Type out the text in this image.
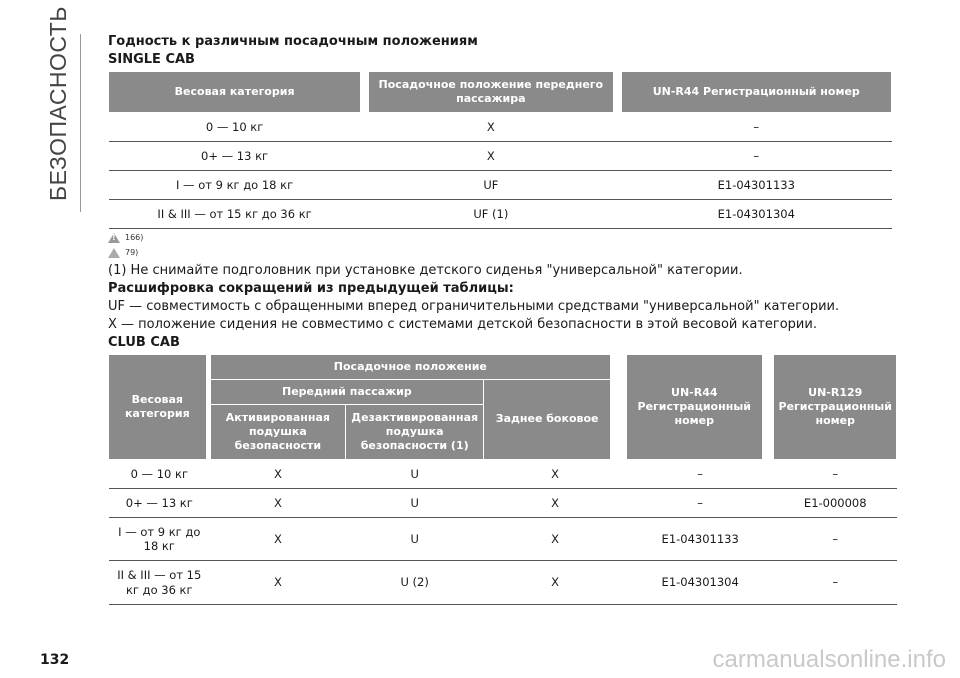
БЕЗОПАСНОСТЬ	Годность к различным посадочным положениям
SINGLE CAB
Весовая категория		Посадочное положение переднего пассажира		UN-R44 Регистрационный номер
0 — 10 кг		X		–
0+ — 13 кг		X		–
I — от 9 кг до 18 кг		UF		E1-04301133
II & III — от 15 кг до 36 кг		UF (1)		E1-04301304
!
166)
79)
(1) Не снимайте подголовник при установке детского сиденья "универсальной" категории.
Расшифровка сокращений из предыдущей таблицы:
UF — совместимость с обращенными вперед ограничительными средствами "универсальной" категории.
X — положение сидения не совместимо с системами детской безопасности в этой весовой категории.
CLUB CAB
Весовая категория		Посадочное положение				UN-R44 Регистрационный номер		UN-R129 Регистрационный номер
		Передний пассажир		Заднее боковое				
		Активированная подушка безопасности	Дезактивированная подушка безопасности (1)					
0 — 10 кг		X	U	X		–		–
0+ — 13 кг		X	U	X		–		E1-000008
I — от 9 кг до 18 кг		X	U	X		E1-04301133		–
II & III — от 15 кг до 36 кг		X	U (2)	X		E1-04301304		–
132	carmanualsonline.info
